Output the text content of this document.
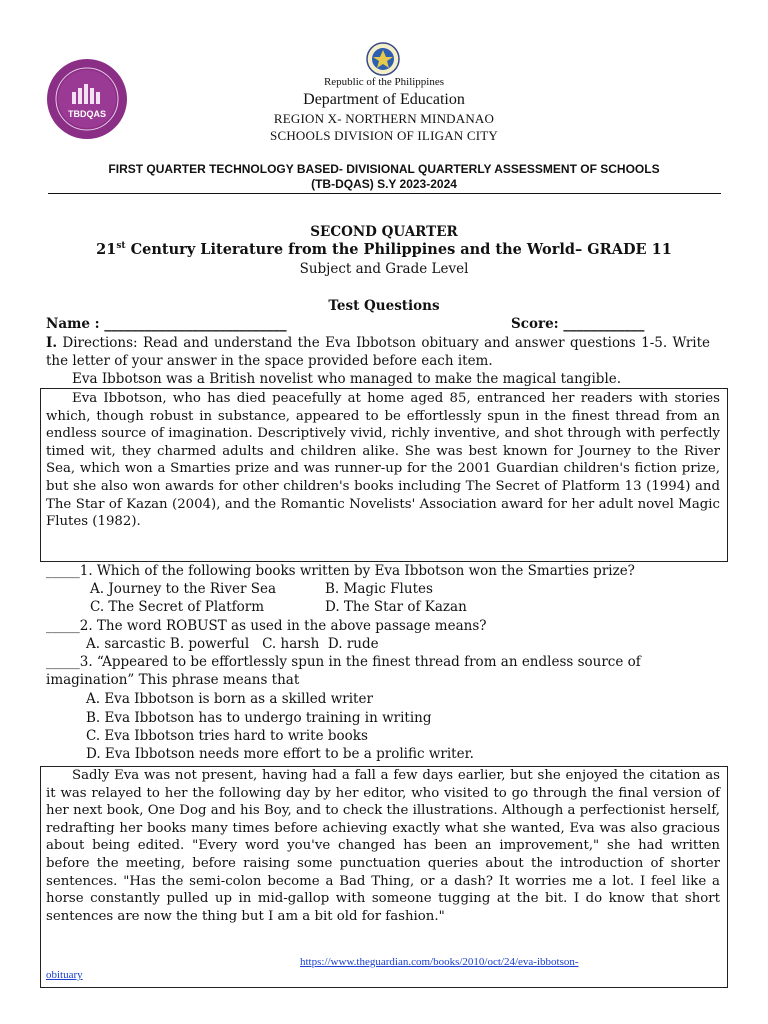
TBDQAS
Republic of the Philippines
Department of Education
REGION X- NORTHERN MINDANAO
SCHOOLS DIVISION OF ILIGAN CITY
FIRST QUARTER TECHNOLOGY BASED- DIVISIONAL QUARTERLY ASSESSMENT OF SCHOOLS
(TB-DQAS) S.Y 2023-2024
SECOND QUARTER
21st Century Literature from the Philippines and the World– GRADE 11
Subject and Grade Level
Test Questions
Name : ___________________________	Score: ____________
I. Directions: Read and understand the Eva Ibbotson obituary and answer questions 1-5. Write the letter of your answer in the space provided before each item.
Eva Ibbotson was a British novelist who managed to make the magical tangible.
Eva Ibbotson, who has died peacefully at home aged 85, entranced her readers with stories which, though robust in substance, appeared to be effortlessly spun in the finest thread from an endless source of imagination. Descriptively vivid, richly inventive, and shot through with perfectly timed wit, they charmed adults and children alike. She was best known for Journey to the River Sea, which won a Smarties prize and was runner-up for the 2001 Guardian children's fiction prize, but she also won awards for other children's books including The Secret of Platform 13 (1994) and The Star of Kazan (2004), and the Romantic Novelists' Association award for her adult novel Magic Flutes (1982).
_____1. Which of the following books written by Eva Ibbotson won the Smarties prize?
A. Journey to the River Sea	B. Magic Flutes
C. The Secret of Platform	D. The Star of Kazan
_____2. The word ROBUST as used in the above passage means?
A. sarcastic B. powerful C. harsh D. rude
_____3. “Appeared to be effortlessly spun in the finest thread from an endless source of
imagination” This phrase means that
A. Eva Ibbotson is born as a skilled writer
B. Eva Ibbotson has to undergo training in writing
C. Eva Ibbotson tries hard to write books
D. Eva Ibbotson needs more effort to be a prolific writer.
Sadly Eva was not present, having had a fall a few days earlier, but she enjoyed the citation as it was relayed to her the following day by her editor, who visited to go through the final version of her next book, One Dog and his Boy, and to check the illustrations. Although a perfectionist herself, redrafting her books many times before achieving exactly what she wanted, Eva was also gracious about being edited. "Every word you've changed has been an improvement," she had written before the meeting, before raising some punctuation queries about the introduction of shorter sentences. "Has the semi-colon become a Bad Thing, or a dash? It worries me a lot. I feel like a horse constantly pulled up in mid-gallop with someone tugging at the bit. I do know that short sentences are now the thing but I am a bit old for fashion."
https://www.theguardian.com/books/2010/oct/24/eva-ibbotson-
obituary
